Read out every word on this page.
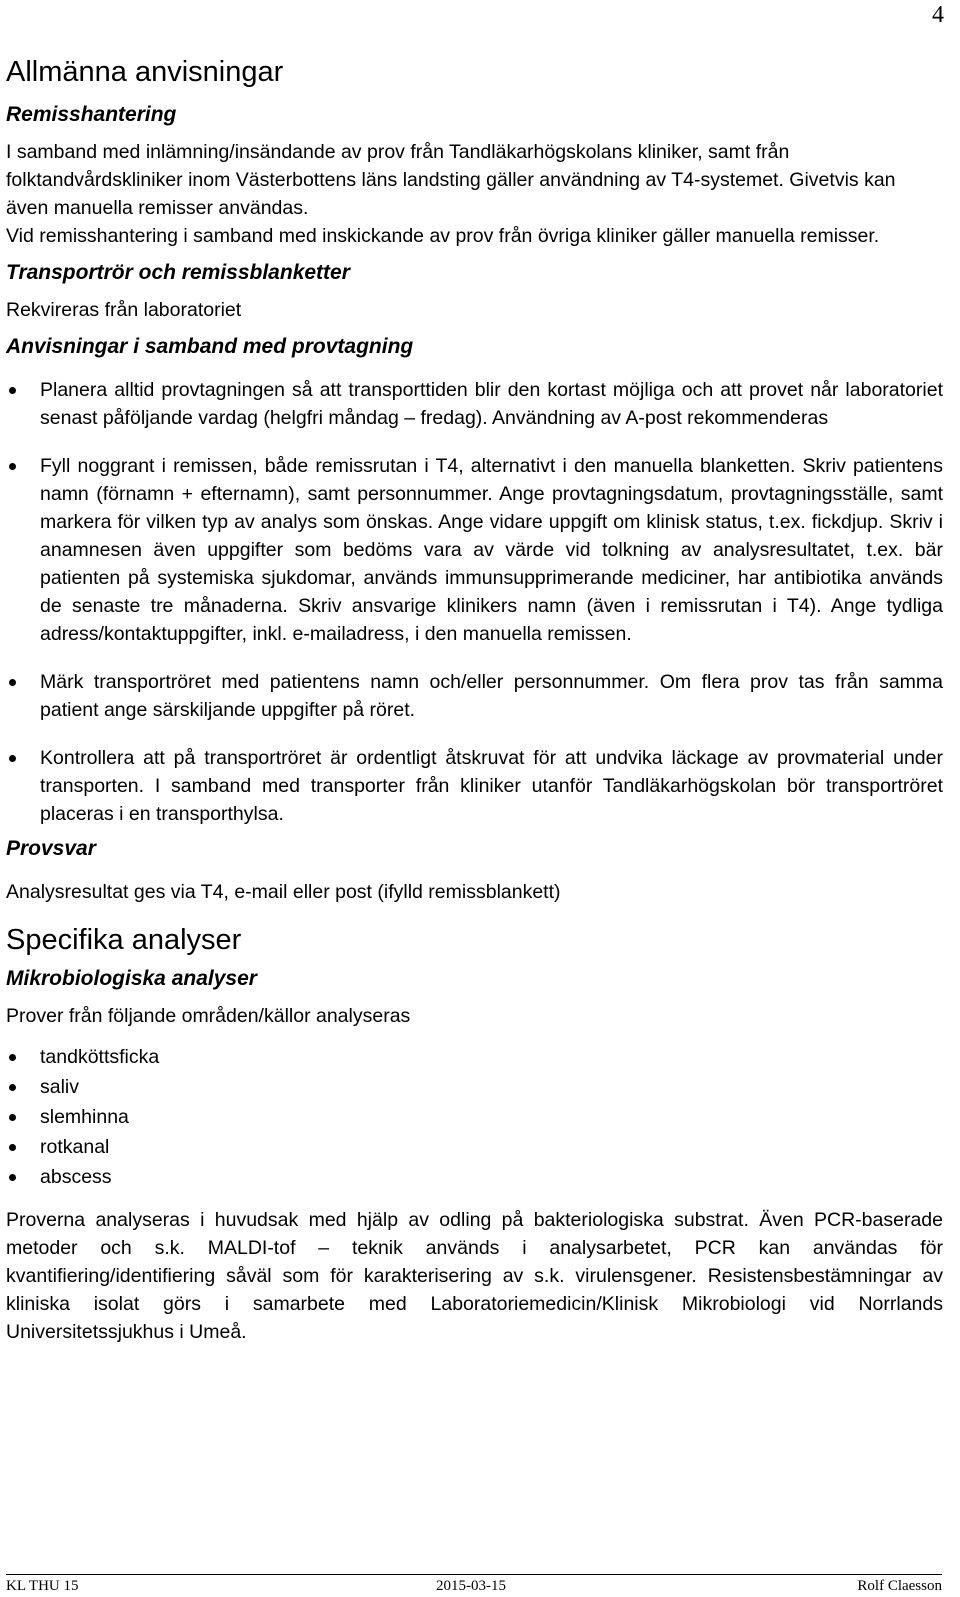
4
Allmänna anvisningar
Remisshantering

I samband med inlämning/insändande av prov från Tandläkarhögskolans kliniker, samt från folktandvårdskliniker inom Västerbottens läns landsting gäller användning av T4-systemet. Givetvis kan även manuella remisser användas.

Vid remisshantering i samband med inskickande av prov från övriga kliniker gäller manuella remisser.

Transportrör och remissblanketter

Rekvireras från laboratoriet

Anvisningar i samband med provtagning
Planera alltid provtagningen så att transporttiden blir den kortast möjliga och att provet når laboratoriet senast påföljande vardag (helgfri måndag – fredag). Användning av A-post rekommenderas
Fyll noggrant i remissen, både remissrutan i T4, alternativt i den manuella blanketten. Skriv patientens namn (förnamn + efternamn), samt personnummer. Ange provtagningsdatum, provtagningsställe, samt markera för vilken typ av analys som önskas. Ange vidare uppgift om klinisk status, t.ex. fickdjup. Skriv i anamnesen även uppgifter som bedöms vara av värde vid tolkning av analysresultatet, t.ex. bär patienten på systemiska sjukdomar, används immunsupprimerande mediciner, har antibiotika används de senaste tre månaderna. Skriv ansvarige klinikers namn (även i remissrutan i T4). Ange tydliga adress/kontaktuppgifter, inkl. e-mailadress, i den manuella remissen.
Märk transportröret med patientens namn och/eller personnummer. Om flera prov tas från samma patient ange särskiljande uppgifter på röret.
Kontrollera att på transportröret är ordentligt åtskruvat för att undvika läckage av provmaterial under transporten. I samband med transporter från kliniker utanför Tandläkarhögskolan bör transportröret placeras i en transporthylsa.
Provsvar

Analysresultat ges via T4, e-mail eller post (ifylld remissblankett)

Specifika analyser
Mikrobiologiska analyser

Prover från följande områden/källor analyseras

tandköttsficka
saliv
slemhinna
rotkanal
abscess

Proverna analyseras i huvudsak med hjälp av odling på bakteriologiska substrat. Även PCR-baserade metoder och s.k. MALDI-tof – teknik används i analysarbetet, PCR kan användas för kvantifiering/identifiering såväl som för karakterisering av s.k. virulensgener. Resistensbestämningar av kliniska isolat görs i samarbete med Laboratoriemedicin/Klinisk Mikrobiologi vid Norrlands Universitetssjukhus i Umeå.

KL THU 15	2015-03-15	Rolf Claesson
